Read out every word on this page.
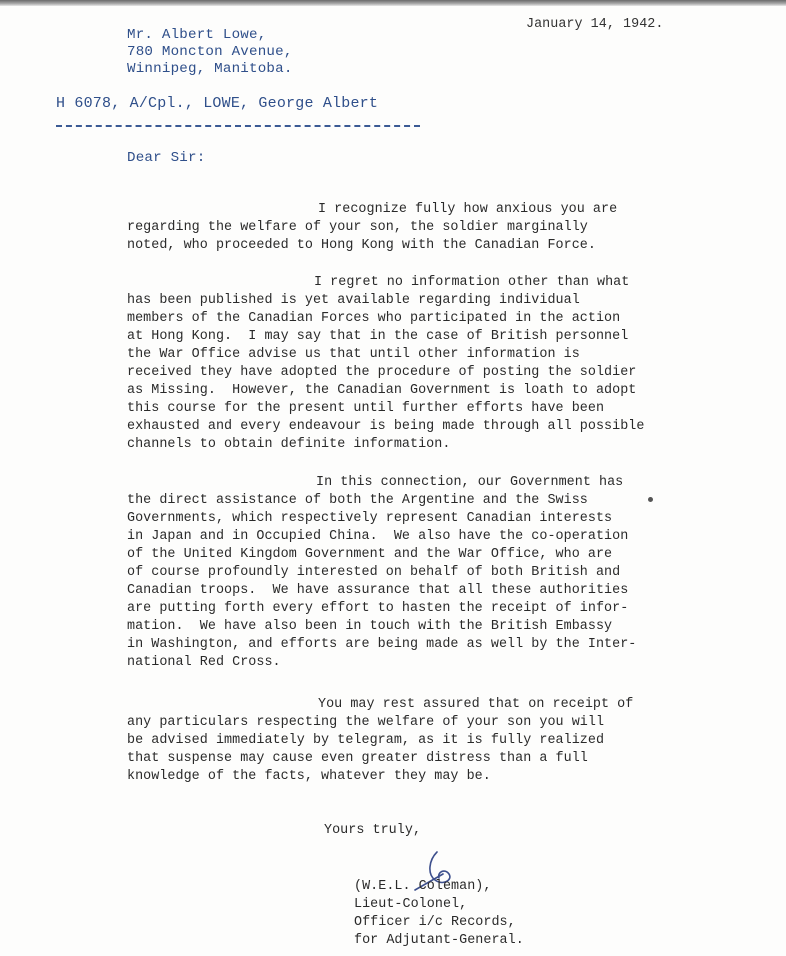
January 14, 1942.
Mr. Albert Lowe,
780 Moncton Avenue,
Winnipeg, Manitoba.
H 6078, A/Cpl., LOWE, George Albert
Dear Sir:
I recognize fully how anxious you are
regarding the welfare of your son, the soldier marginally
noted, who proceeded to Hong Kong with the Canadian Force.
I regret no information other than what
has been published is yet available regarding individual
members of the Canadian Forces who participated in the action
at Hong Kong.  I may say that in the case of British personnel
the War Office advise us that until other information is
received they have adopted the procedure of posting the soldier
as Missing.  However, the Canadian Government is loath to adopt
this course for the present until further efforts have been
exhausted and every endeavour is being made through all possible
channels to obtain definite information.
In this connection, our Government has
the direct assistance of both the Argentine and the Swiss
Governments, which respectively represent Canadian interests
in Japan and in Occupied China.  We also have the co-operation
of the United Kingdom Government and the War Office, who are
of course profoundly interested on behalf of both British and
Canadian troops.  We have assurance that all these authorities
are putting forth every effort to hasten the receipt of infor-
mation.  We have also been in touch with the British Embassy
in Washington, and efforts are being made as well by the Inter-
national Red Cross.
You may rest assured that on receipt of
any particulars respecting the welfare of your son you will
be advised immediately by telegram, as it is fully realized
that suspense may cause even greater distress than a full
knowledge of the facts, whatever they may be.
Yours truly,
(W.E.L. Coleman),
Lieut-Colonel,
Officer i/c Records,
for Adjutant-General.
